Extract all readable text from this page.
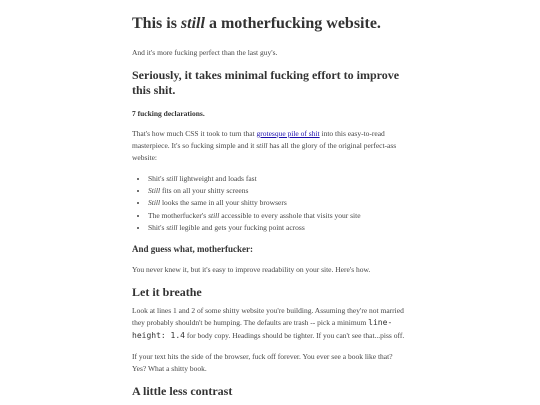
This is still a motherfucking website.

And it's more fucking perfect than the last guy's.

Seriously, it takes minimal fucking effort to improve this shit.
7 fucking declarations.

That's how much CSS it took to turn that grotesque pile of shit into this easy-to-read masterpiece. It's so fucking simple and it still has all the glory of the original perfect-ass website:

• Shit's still lightweight and loads fast
• Still fits on all your shitty screens
• Still looks the same in all your shitty browsers
• The motherfucker's still accessible to every asshole that visits your site
• Shit's still legible and gets your fucking point across
And guess what, motherfucker:

You never knew it, but it's easy to improve readability on your site. Here's how.

Let it breathe

Look at lines 1 and 2 of some shitty website you're building. Assuming they're not married they probably shouldn't be humping. The defaults are trash -- pick a minimum line-height: 1.4 for body copy. Headings should be tighter. If you can't see that...piss off.

If your text hits the side of the browser, fuck off forever. You ever see a book like that? Yes? What a shitty book.

A little less contrast
